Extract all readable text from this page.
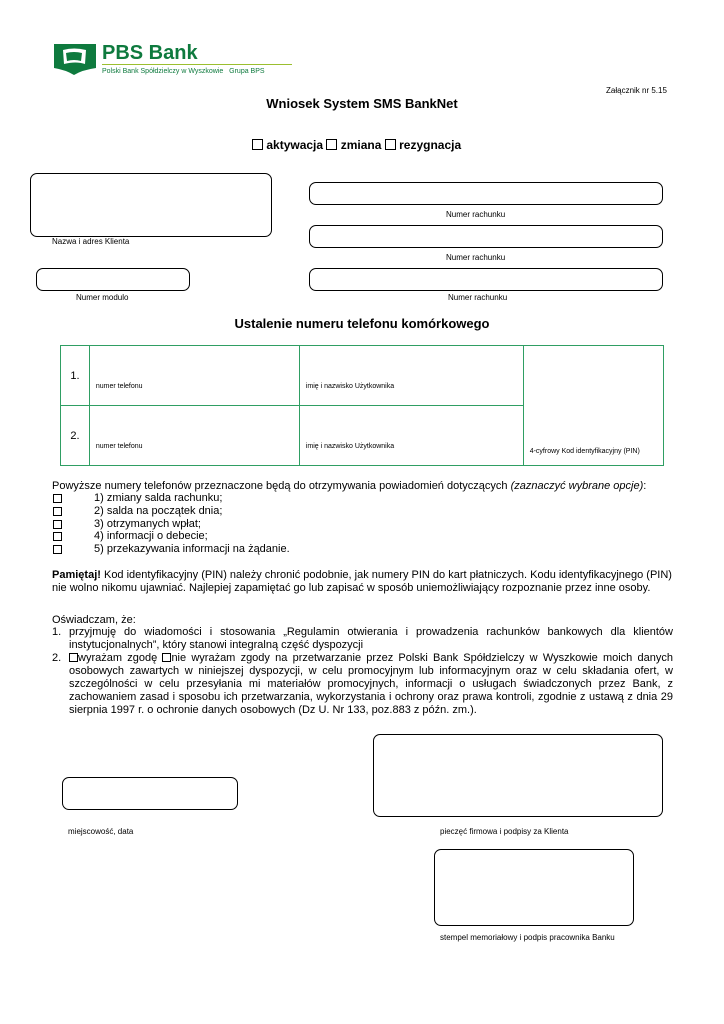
PBS Bank
Polski Bank Spółdzielczy w Wyszkowie   Grupa BPS
Załącznik nr 5.15
Wniosek System SMS BankNet
aktywacja zmiana rezygnacja
Nazwa i adres Klienta
Numer modulo
Numer rachunku
Numer rachunku
Numer rachunku
Ustalenie numeru telefonu komórkowego
1.	numer telefonu	imię i nazwisko Użytkownika	4-cyfrowy Kod identyfikacyjny (PIN)

2.	numer telefonu	imię i nazwisko Użytkownika	
Powyższe numery telefonów przeznaczone będą do otrzymywania powiadomień dotyczących (zaznaczyć wybrane opcje):
1) zmiany salda rachunku;
2) salda na początek dnia;
3) otrzymanych wpłat;
4) informacji o debecie;
5) przekazywania informacji na żądanie.
Pamiętaj! Kod identyfikacyjny (PIN) należy chronić podobnie, jak numery PIN do kart płatniczych. Kodu identyfikacyjnego (PIN) nie wolno nikomu ujawniać. Najlepiej zapamiętać go lub zapisać w sposób uniemożliwiający rozpoznanie przez inne osoby.
Oświadczam, że:
1. przyjmuję do wiadomości i stosowania „Regulamin otwierania i prowadzenia rachunków bankowych dla klientów instytucjonalnych”, który stanowi integralną część dyspozycji
2.	wyrażam zgodę nie wyrażam zgody na przetwarzanie przez Polski Bank Spółdzielczy w Wyszkowie moich danych osobowych zawartych w niniejszej dyspozycji, w celu promocyjnym lub informacyjnym oraz w celu składania ofert, w szczególności w celu przesyłania mi materiałów promocyjnych, informacji o usługach świadczonych przez Bank, z zachowaniem zasad i sposobu ich przetwarzania, wykorzystania i ochrony oraz prawa kontroli, zgodnie z ustawą z dnia 29 sierpnia 1997 r. o ochronie danych osobowych (Dz U. Nr 133, poz.883 z późn. zm.).
miejscowość, data	pieczęć firmowa i podpisy za Klienta
stempel memoriałowy i podpis pracownika Banku
